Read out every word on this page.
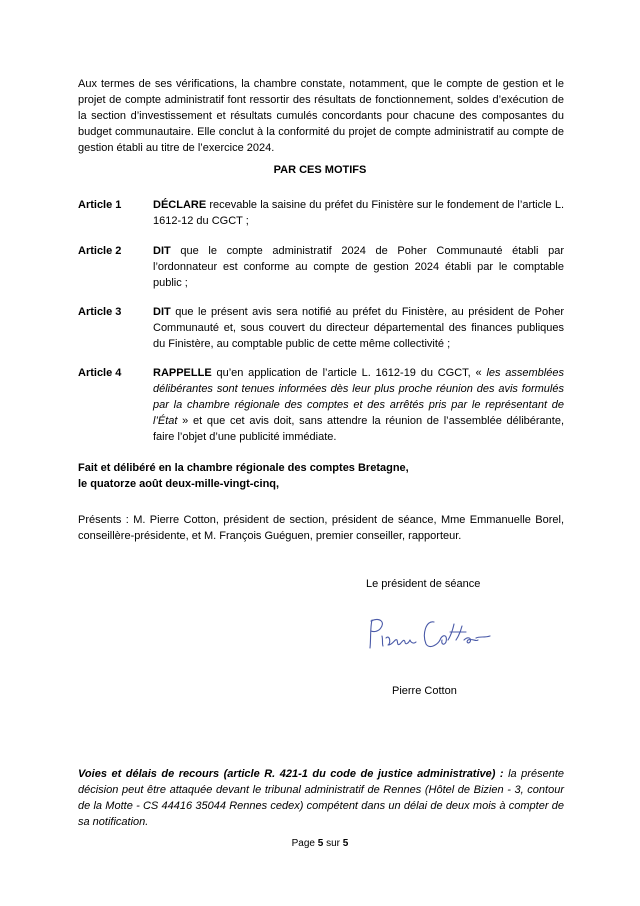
Aux termes de ses vérifications, la chambre constate, notamment, que le compte de gestion et le projet de compte administratif font ressortir des résultats de fonctionnement, soldes d’exécution de la section d’investissement et résultats cumulés concordants pour chacune des composantes du budget communautaire. Elle conclut à la conformité du projet de compte administratif au compte de gestion établi au titre de l’exercice 2024.
PAR CES MOTIFS
Article 1	DÉCLARE recevable la saisine du préfet du Finistère sur le fondement de l’article L. 1612-12 du CGCT ;
Article 2	DIT que le compte administratif 2024 de Poher Communauté établi par l’ordonnateur est conforme au compte de gestion 2024 établi par le comptable public ;
Article 3	DIT que le présent avis sera notifié au préfet du Finistère, au président de Poher Communauté et, sous couvert du directeur départemental des finances publiques du Finistère, au comptable public de cette même collectivité ;
Article 4	RAPPELLE qu’en application de l’article L. 1612-19 du CGCT, « les assemblées délibérantes sont tenues informées dès leur plus proche réunion des avis formulés par la chambre régionale des comptes et des arrêtés pris par le représentant de l’État » et que cet avis doit, sans attendre la réunion de l’assemblée délibérante, faire l’objet d’une publicité immédiate.
Fait et délibéré en la chambre régionale des comptes Bretagne,
le quatorze août deux-mille-vingt-cinq,
Présents : M. Pierre Cotton, président de section, président de séance, Mme Emmanuelle Borel, conseillère-présidente, et M. François Guéguen, premier conseiller, rapporteur.
Le président de séance
Pierre Cotton
Voies et délais de recours (article R. 421-1 du code de justice administrative) : la présente décision peut être attaquée devant le tribunal administratif de Rennes (Hôtel de Bizien - 3, contour de la Motte - CS 44416 35044 Rennes cedex) compétent dans un délai de deux mois à compter de sa notification.
Page 5 sur 5
